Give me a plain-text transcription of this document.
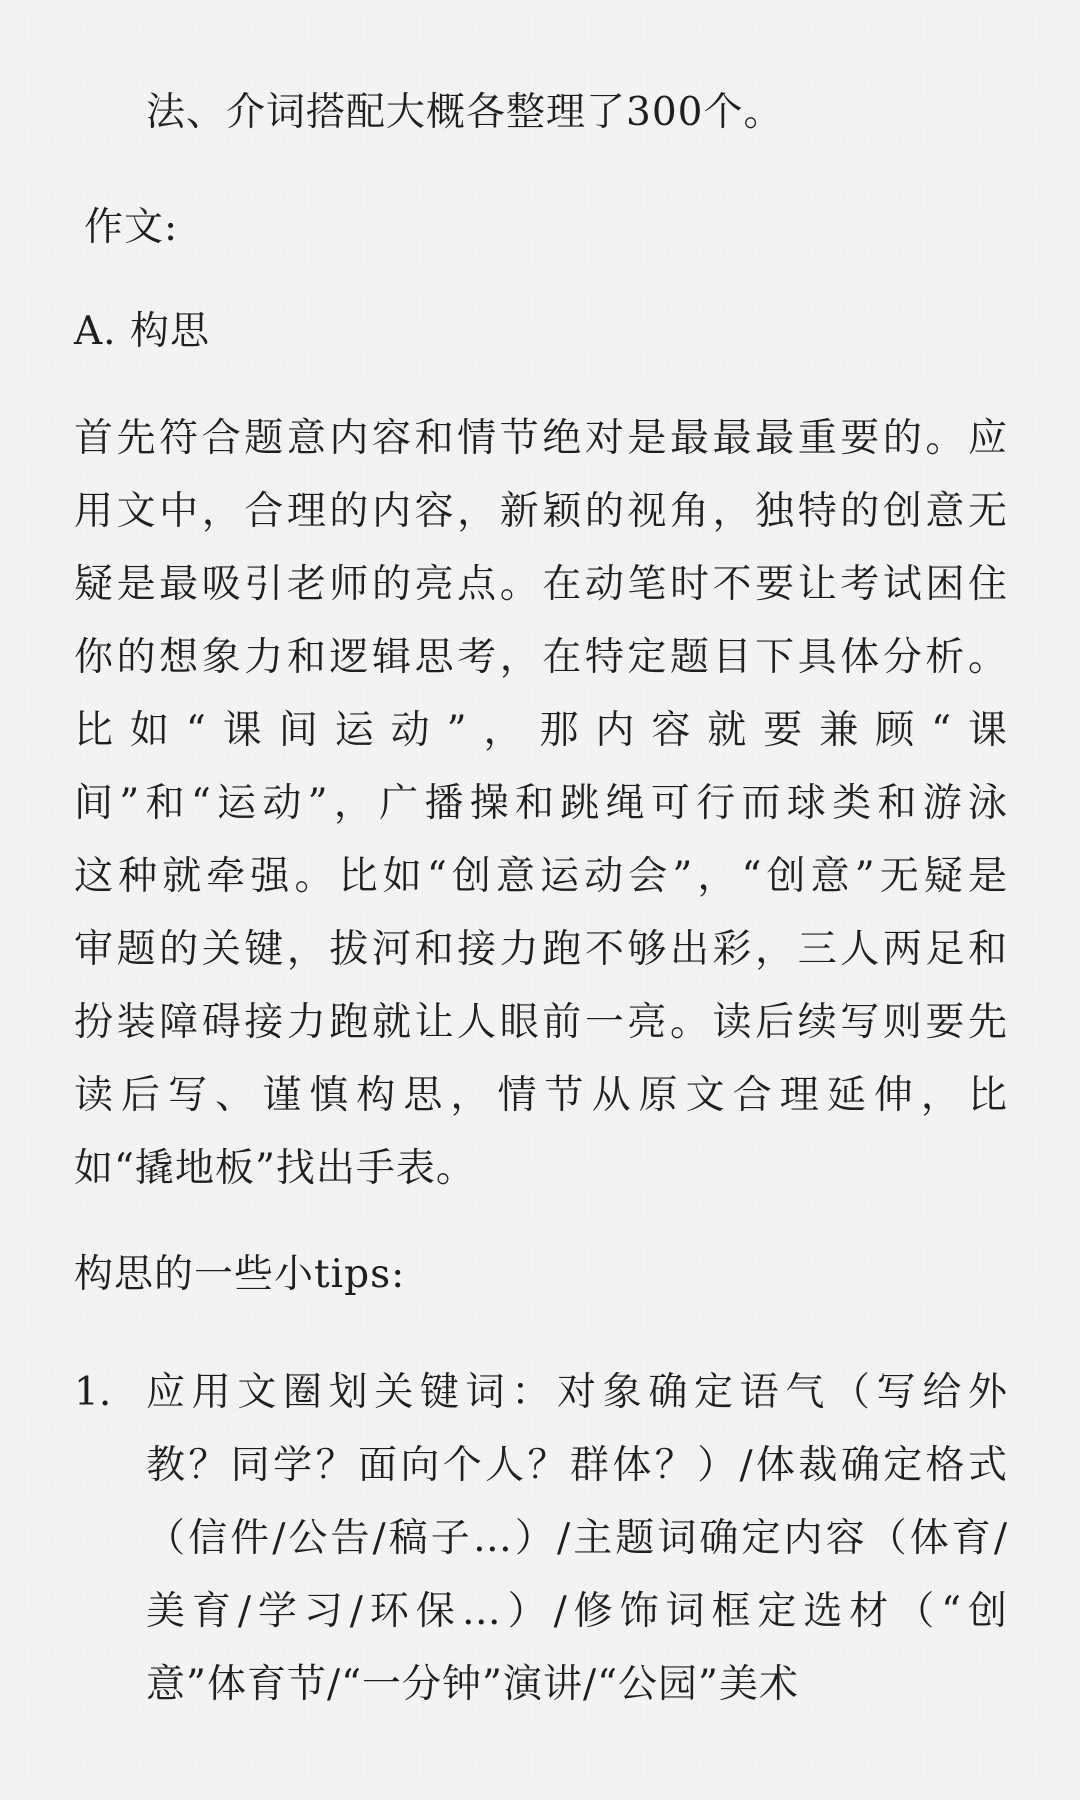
法、介词搭配大概各整理了300个。
作文:
A. 构思
首先符合题意内容和情节绝对是最最最重要的。应
用文中，合理的内容，新颖的视角，独特的创意无
疑是最吸引老师的亮点。在动笔时不要让考试困住
你的想象力和逻辑思考，在特定题目下具体分析。
比如“课间运动”，那内容就要兼顾“课
间”和“运动”，广播操和跳绳可行而球类和游泳
这种就牵强。比如“创意运动会”，“创意”无疑是
审题的关键，拔河和接力跑不够出彩，三人两足和
扮装障碍接力跑就让人眼前一亮。读后续写则要先
读后写、谨慎构思，情节从原文合理延伸，比
如“撬地板”找出手表。
构思的一些小tips:
1. 应用文圈划关键词：对象确定语气（写给外
教？同学？面向个人？群体？）/体裁确定格式
（信件/公告/稿子…）/主题词确定内容（体育/
美育/学习/环保…）/修饰词框定选材（“创
意”体育节/“一分钟”演讲/“公园”美术
